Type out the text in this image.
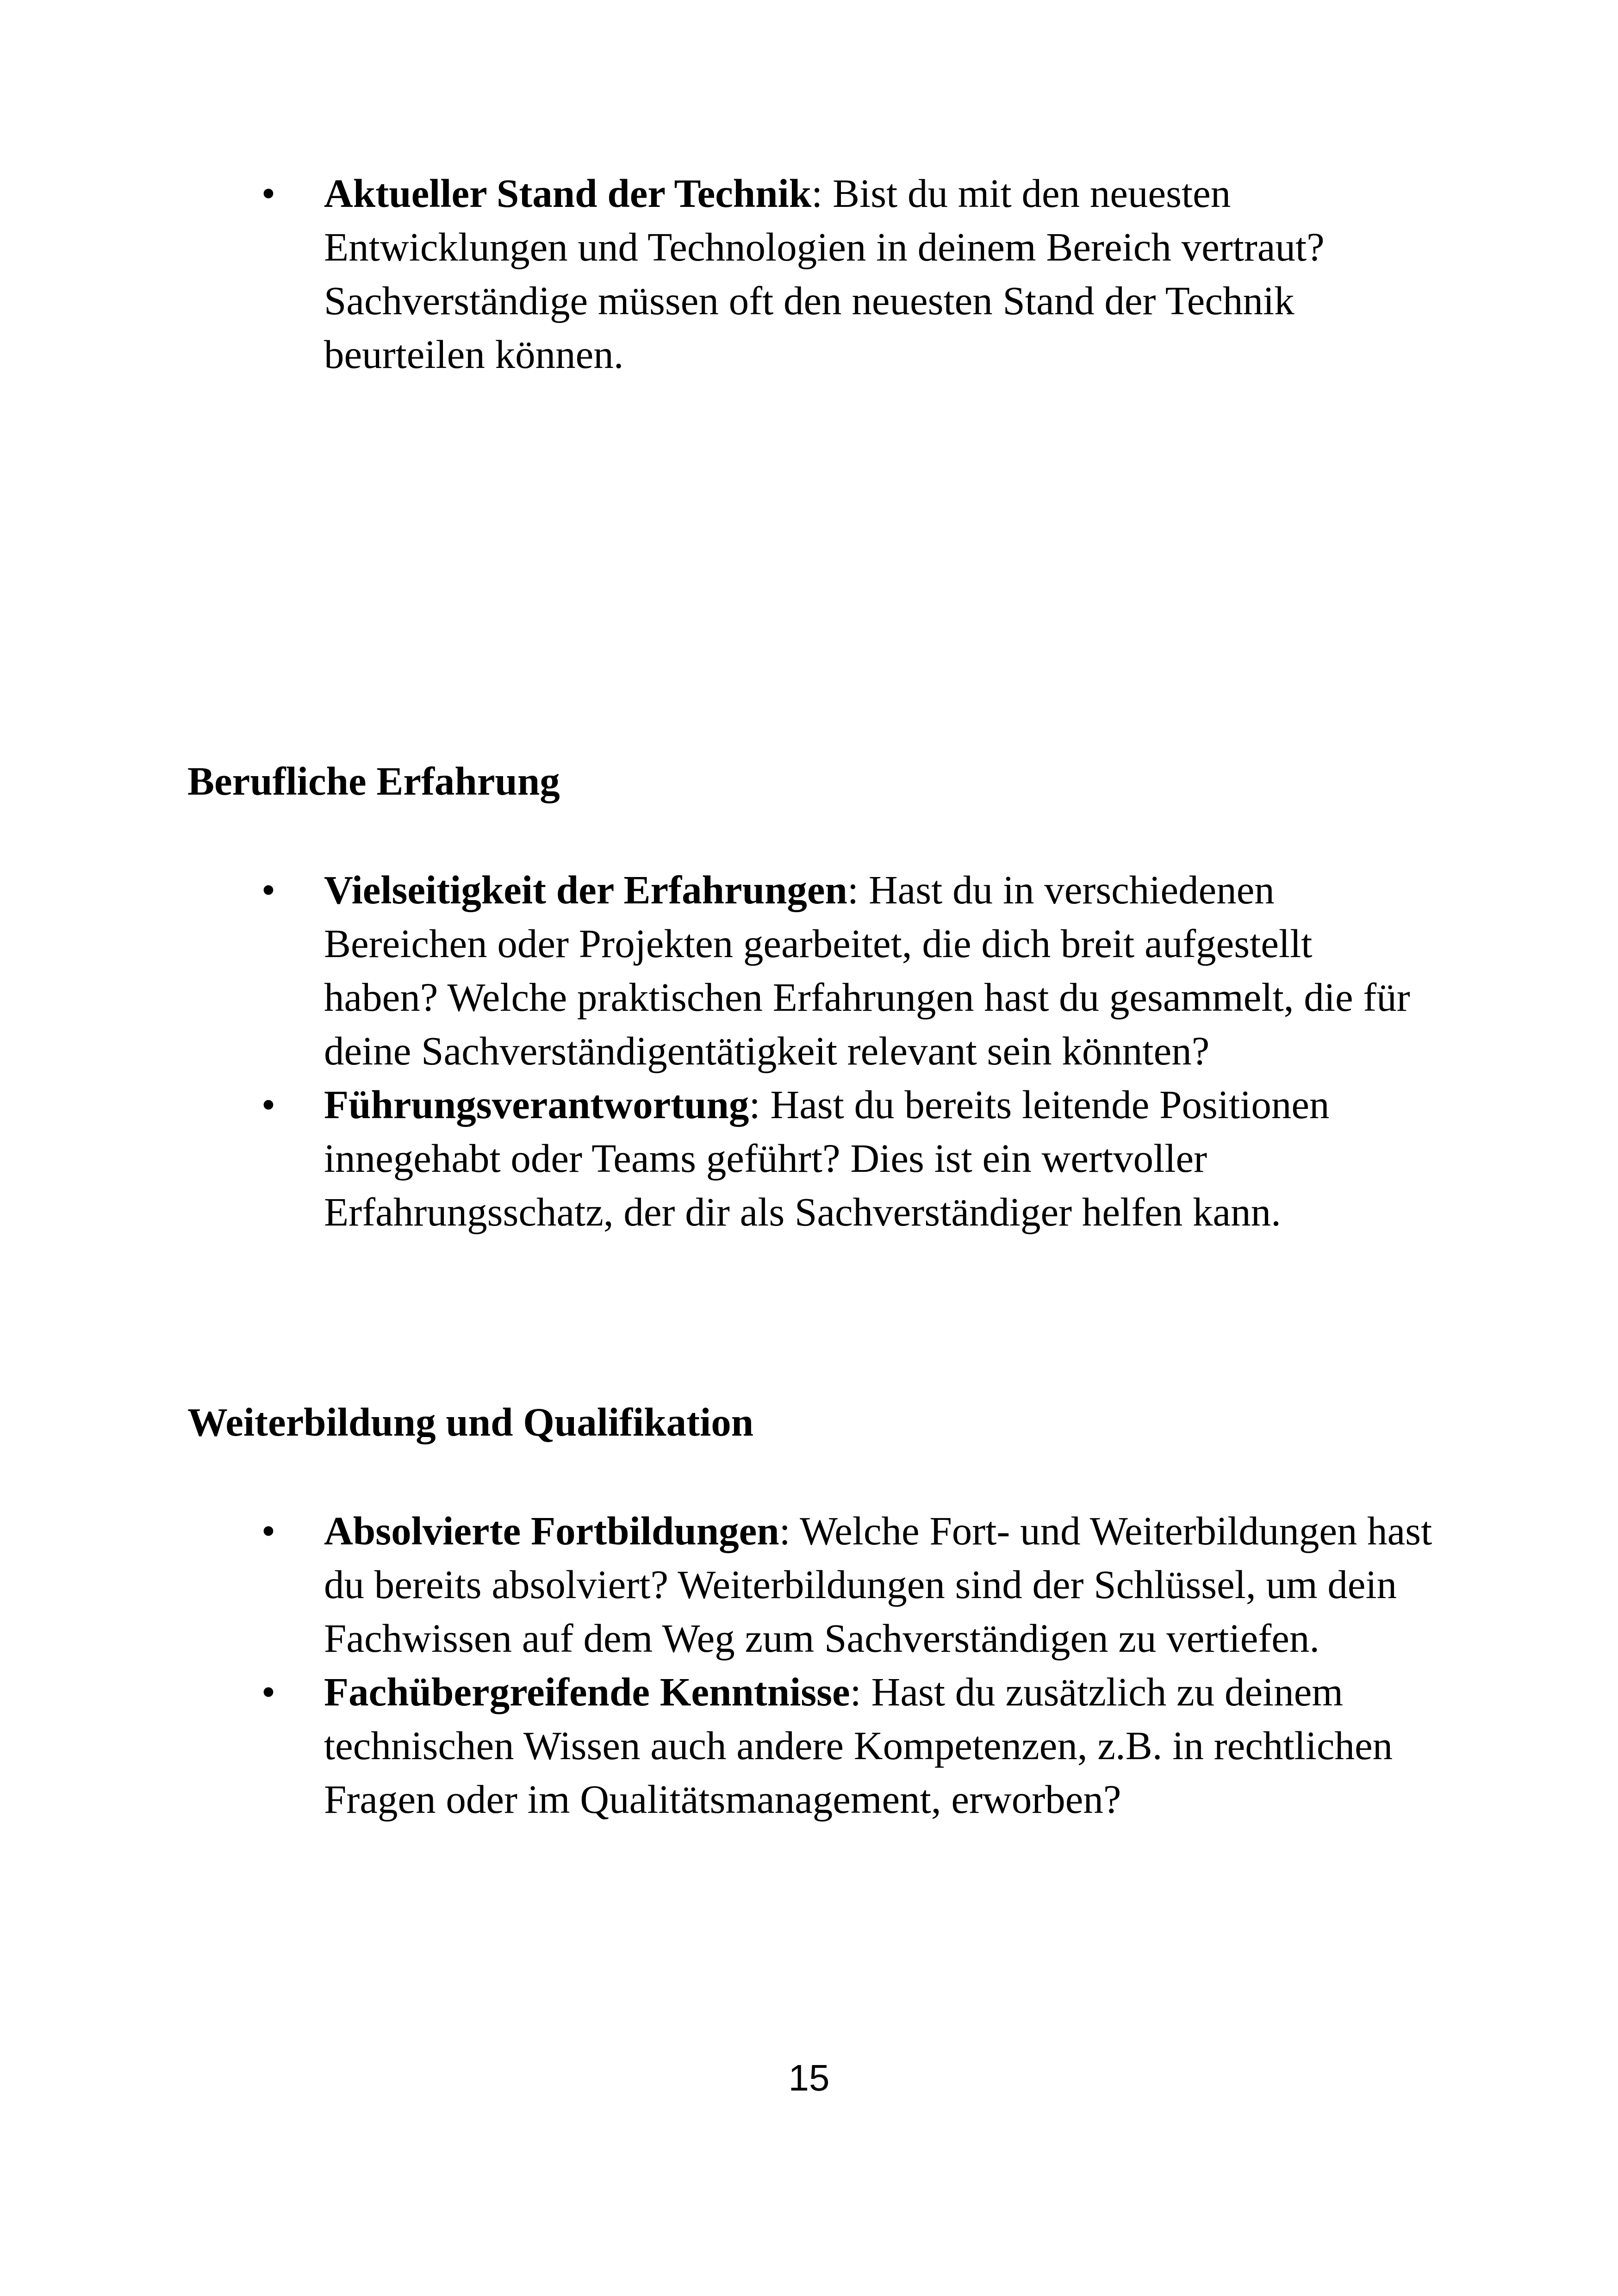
• Aktueller Stand der Technik: Bist du mit den neuesten Entwicklungen und Technologien in deinem Bereich vertraut? Sachverständige müssen oft den neuesten Stand der Technik beurteilen können.
Berufliche Erfahrung
• Vielseitigkeit der Erfahrungen: Hast du in verschiedenen Bereichen oder Projekten gearbeitet, die dich breit aufgestellt haben? Welche praktischen Erfahrungen hast du gesammelt, die für deine Sachverständigentätigkeit relevant sein könnten?
• Führungsverantwortung: Hast du bereits leitende Positionen innegehabt oder Teams geführt? Dies ist ein wertvoller Erfahrungsschatz, der dir als Sachverständiger helfen kann.
Weiterbildung und Qualifikation
• Absolvierte Fortbildungen: Welche Fort- und Weiterbildungen hast du bereits absolviert? Weiterbildungen sind der Schlüssel, um dein Fachwissen auf dem Weg zum Sachverständigen zu vertiefen.
• Fachübergreifende Kenntnisse: Hast du zusätzlich zu deinem technischen Wissen auch andere Kompetenzen, z.B. in rechtlichen Fragen oder im Qualitätsmanagement, erworben?
15
